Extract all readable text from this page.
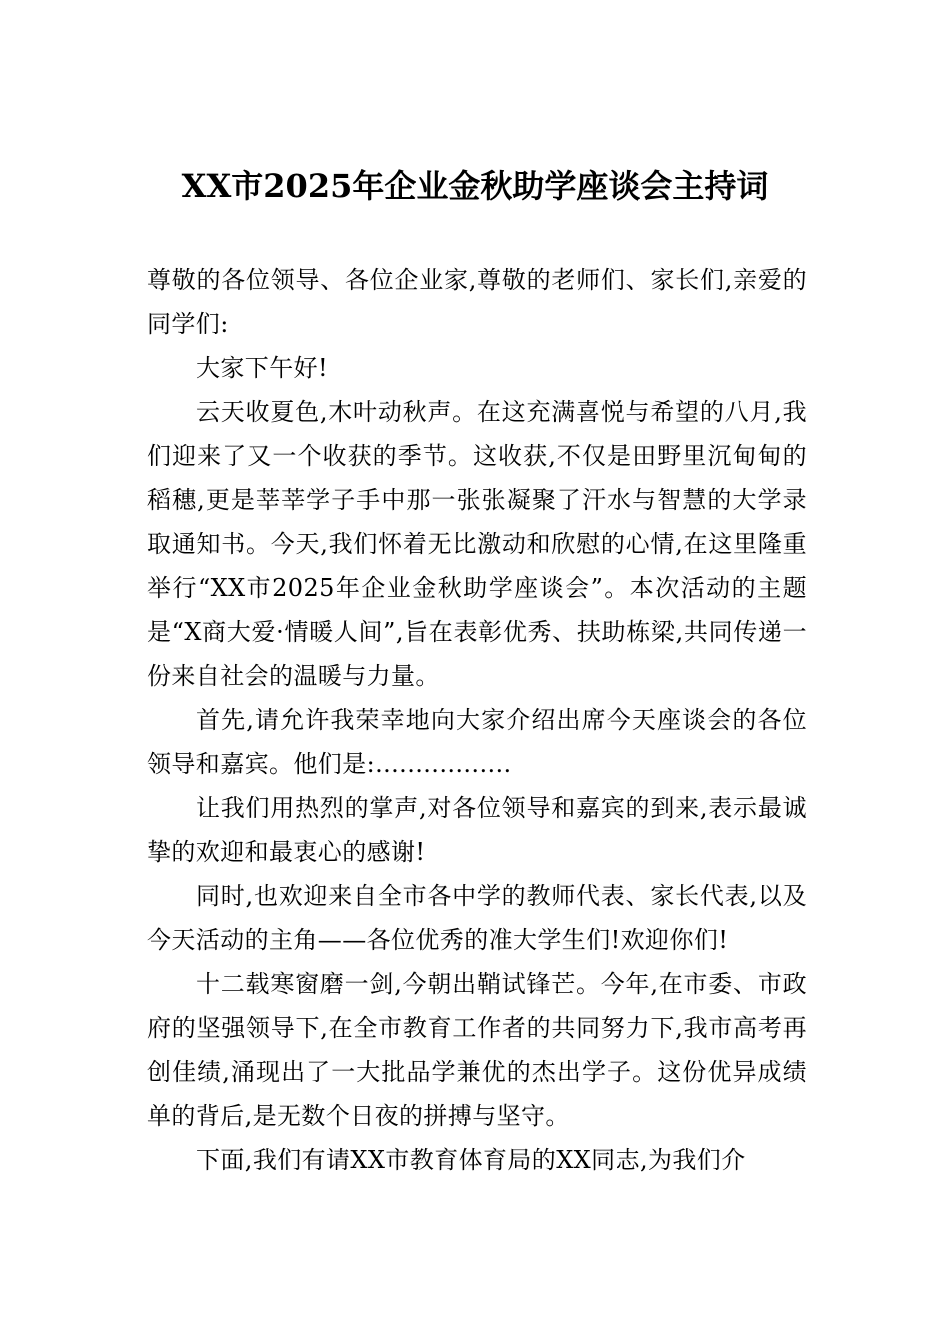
XX市2025年企业金秋助学座谈会主持词

尊敬的各位领导、各位企业家,尊敬的老师们、家长们,亲爱的同学们:

大家下午好!

云天收夏色,木叶动秋声。在这充满喜悦与希望的八月,我们迎来了又一个收获的季节。这收获,不仅是田野里沉甸甸的稻穗,更是莘莘学子手中那一张张凝聚了汗水与智慧的大学录取通知书。今天,我们怀着无比激动和欣慰的心情,在这里隆重举行“XX市2025年企业金秋助学座谈会”。本次活动的主题是“X商大爱·情暖人间”,旨在表彰优秀、扶助栋梁,共同传递一份来自社会的温暖与力量。

首先,请允许我荣幸地向大家介绍出席今天座谈会的各位领导和嘉宾。他们是:.................

让我们用热烈的掌声,对各位领导和嘉宾的到来,表示最诚挚的欢迎和最衷心的感谢!

同时,也欢迎来自全市各中学的教师代表、家长代表,以及今天活动的主角——各位优秀的准大学生们!欢迎你们!

十二载寒窗磨一剑,今朝出鞘试锋芒。今年,在市委、市政府的坚强领导下,在全市教育工作者的共同努力下,我市高考再创佳绩,涌现出了一大批品学兼优的杰出学子。这份优异成绩单的背后,是无数个日夜的拼搏与坚守。

下面,我们有请XX市教育体育局的XX同志,为我们介
